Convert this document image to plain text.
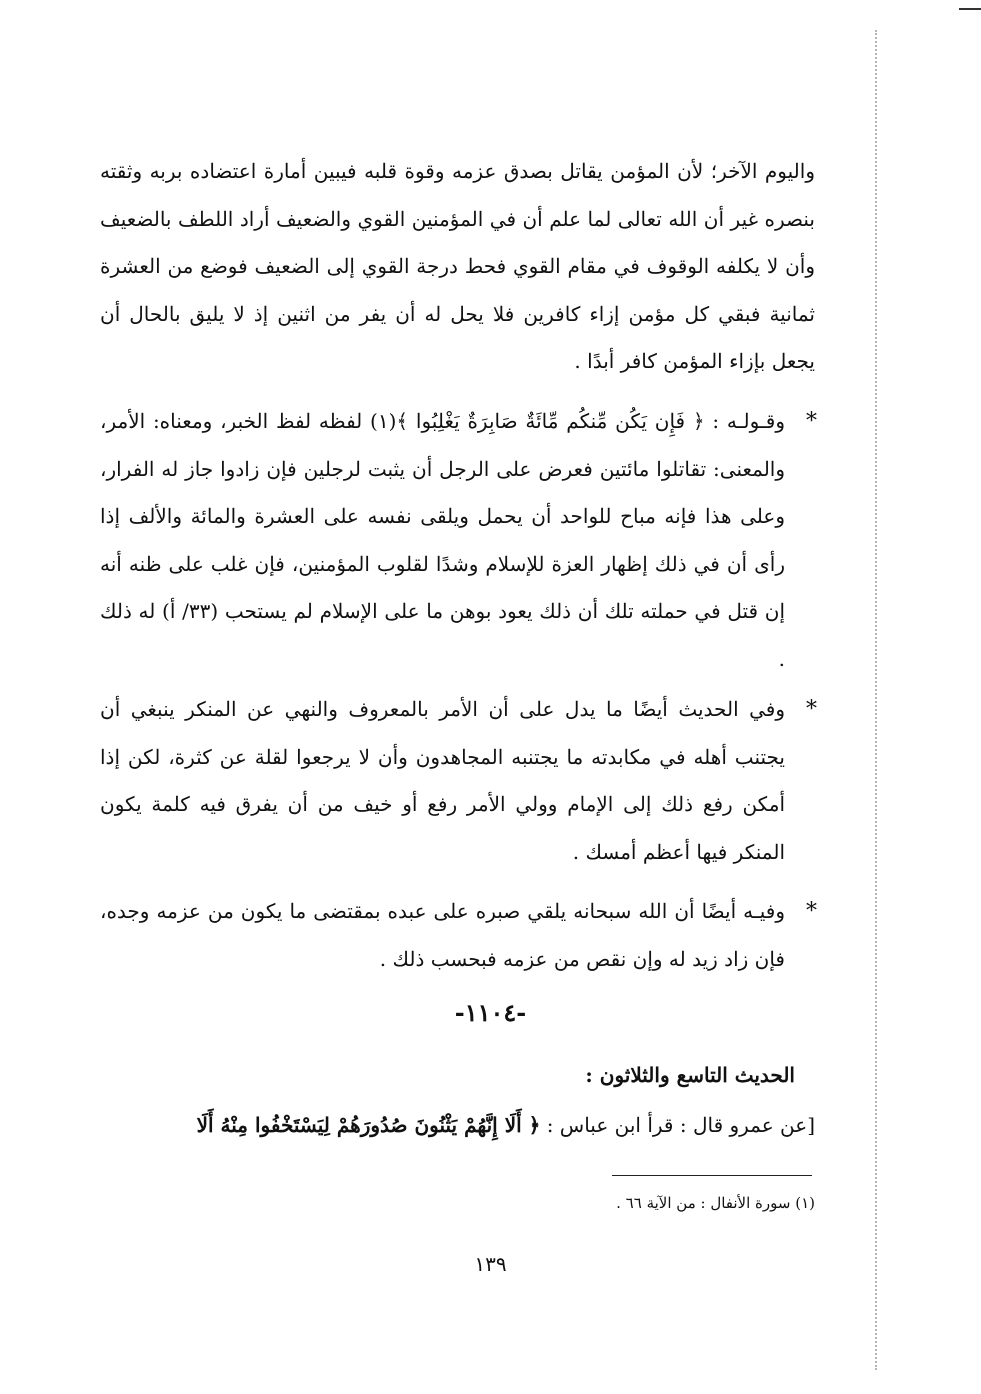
واليوم الآخر؛ لأن المؤمن يقاتل بصدق عزمه وقوة قلبه فيبين أمارة اعتضاده بربه وثقته بنصره غير أن الله تعالى لما علم أن في المؤمنين القوي والضعيف أراد اللطف بالضعيف وأن لا يكلفه الوقوف في مقام القوي فحط درجة القوي إلى الضعيف فوضع من العشرة ثمانية فبقي كل مؤمن إزاء كافرين فلا يحل له أن يفر من اثنين إذ لا يليق بالحال أن يجعل بإزاء المؤمن كافر أبدًا .
*
وقـولـه : ﴿ فَإِن يَكُن مِّنكُم مِّائَةٌ صَابِرَةٌ يَغْلِبُوا ﴾(١) لفظه لفظ الخبر، ومعناه: الأمر، والمعنى: تقاتلوا مائتين فعرض على الرجل أن يثبت لرجلين فإن زادوا جاز له الفرار، وعلى هذا فإنه مباح للواحد أن يحمل ويلقى نفسه على العشرة والمائة والألف إذا رأى أن في ذلك إظهار العزة للإسلام وشدًا لقلوب المؤمنين، فإن غلب على ظنه أنه إن قتل في حملته تلك أن ذلك يعود بوهن ما على الإسلام لم يستحب (٣٣/ أ) له ذلك .
*
وفي الحديث أيضًا ما يدل على أن الأمر بالمعروف والنهي عن المنكر ينبغي أن يجتنب أهله في مكابدته ما يجتنبه المجاهدون وأن لا يرجعوا لقلة عن كثرة، لكن إذا أمكن رفع ذلك إلى الإمام وولي الأمر رفع أو خيف من أن يفرق فيه كلمة يكون المنكر فيها أعظم أمسك .
*
وفيـه أيضًا أن الله سبحانه يلقي صبره على عبده بمقتضى ما يكون من عزمه وجده، فإن زاد زيد له وإن نقص من عزمه فبحسب ذلك .
-١١٠٤-
الحديث التاسع والثلاثون :
[عن عمرو قال : قرأ ابن عباس : ﴿ أَلَا إِنَّهُمْ يَثْنُونَ صُدُورَهُمْ لِيَسْتَخْفُوا مِنْهُ أَلَا
(١) سورة الأنفال : من الآية ٦٦ .
١٣٩
